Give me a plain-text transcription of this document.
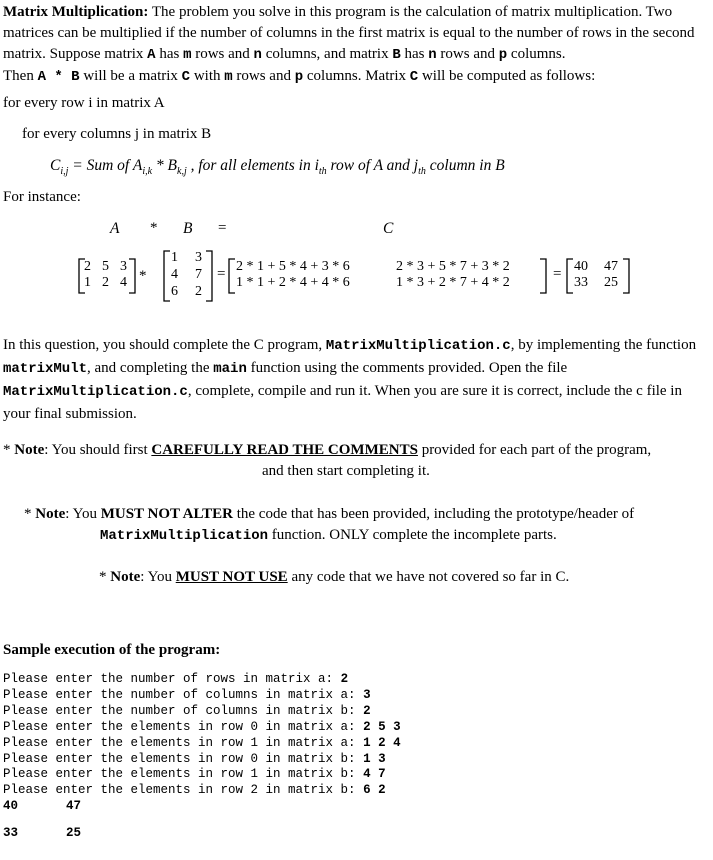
Matrix Multiplication: The problem you solve in this program is the calculation of matrix multiplication. Two matrices can be multiplied if the number of columns in the first matrix is equal to the number of rows in the second matrix. Suppose matrix A has m rows and n columns, and matrix B has n rows and p columns.
Then A * B will be a matrix C with m rows and p columns. Matrix C will be computed as follows:
for every row i in matrix A
for every columns j in matrix B
$C_{i,j}$ = Sum of $A_{i,k} * B_{k,j}$ , for all elements in $i_{th}$ row of A and $j_{th}$ column in B
For instance:
A * B =	C
2 5 3
1 2 4 *
1 3
4 7
6 2
= 2 * 1 + 5 * 4 + 3 * 6	2 * 3 + 5 * 7 + 3 * 2
1 * 1 + 2 * 4 + 4 * 6	1 * 3 + 2 * 7 + 4 * 2
= 40 47
33 25
In this question, you should complete the C program, MatrixMultiplication.c, by implementing the function matrixMult, and completing the main function using the comments provided. Open the file MatrixMultiplication.c, complete, compile and run it. When you are sure it is correct, include the c file in your final submission.
* Note: You should first CAREFULLY READ THE COMMENTS provided for each part of the program,
and then start completing it.
* Note: You MUST NOT ALTER the code that has been provided, including the prototype/header of
MatrixMultiplication function. ONLY complete the incomplete parts.
* Note: You MUST NOT USE any code that we have not covered so far in C.
Sample execution of the program:
Please enter the number of rows in matrix a: 2
Please enter the number of columns in matrix a: 3
Please enter the number of columns in matrix b: 2
Please enter the elements in row 0 in matrix a: 2 5 3
Please enter the elements in row 1 in matrix a: 1 2 4
Please enter the elements in row 0 in matrix b: 1 3
Please enter the elements in row 1 in matrix b: 4 7
Please enter the elements in row 2 in matrix b: 6 2
40	47
33	25
